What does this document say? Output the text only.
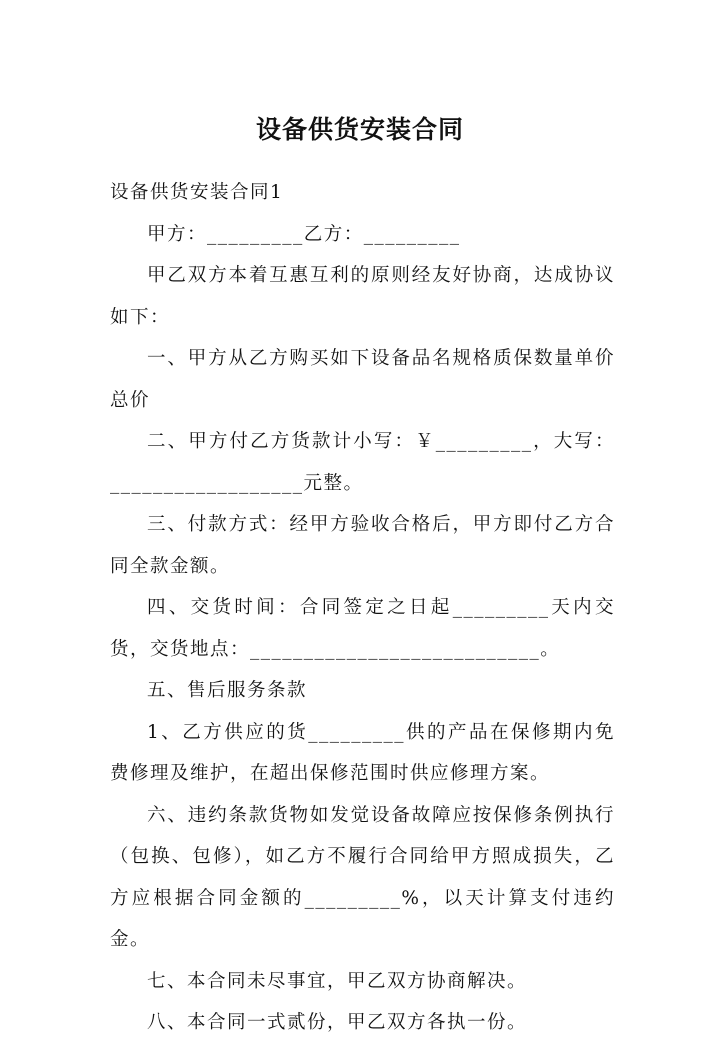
设备供货安装合同

设备供货安装合同1

甲方：_________乙方：_________

甲乙双方本着互惠互利的原则经友好协商，达成协议如下：

一、甲方从乙方购买如下设备品名规格质保数量单价总价

二、甲方付乙方货款计小写：￥_________，大写：__________________元整。

三、付款方式：经甲方验收合格后，甲方即付乙方合同全款金额。

四、交货时间：合同签定之日起_________天内交货，交货地点：___________________________。

五、售后服务条款

1、乙方供应的货_________供的产品在保修期内免费修理及维护，在超出保修范围时供应修理方案。

六、违约条款货物如发觉设备故障应按保修条例执行（包换、包修），如乙方不履行合同给甲方照成损失，乙方应根据合同金额的_________%，以天计算支付违约金。

七、本合同未尽事宜，甲乙双方协商解决。

八、本合同一式贰份，甲乙双方各执一份。
